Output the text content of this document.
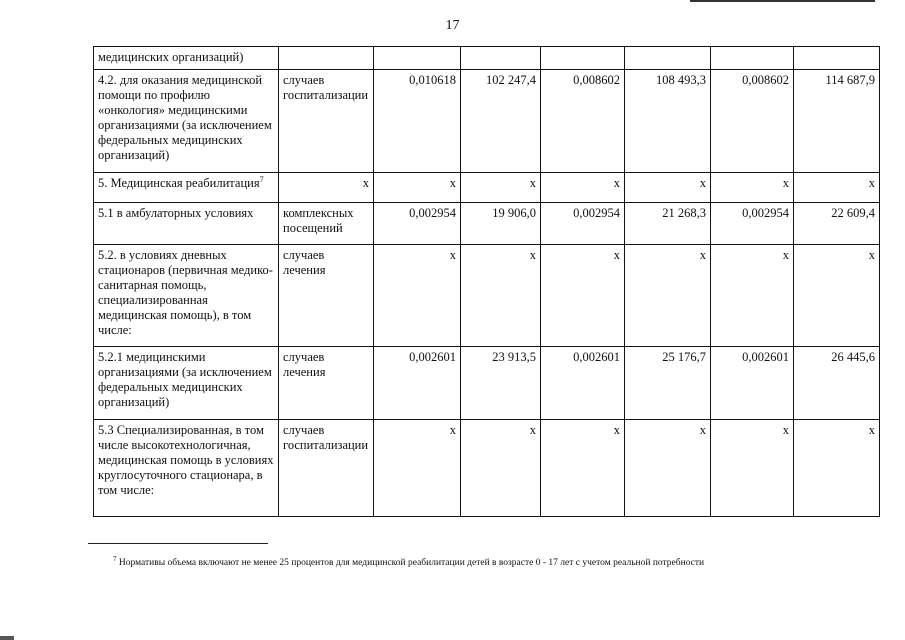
17
медицинских организаций)							
4.2. для оказания медицинской помощи по профилю «онкология» медицинскими организациями (за исключением федеральных медицинских организаций)	случаев госпитализации	0,010618	102 247,4	0,008602	108 493,3	0,008602	114 687,9
5. Медицинская реабилитация$^7$	х	х	х	х	х	х	х
5.1 в амбулаторных условиях	комплексных посещений	0,002954	19 906,0	0,002954	21 268,3	0,002954	22 609,4
5.2. в условиях дневных стационаров (первичная медико-санитарная помощь, специализированная медицинская помощь), в том числе:	случаев лечения	х	х	х	х	х	х
5.2.1 медицинскими организациями (за исключением федеральных медицинских организаций)	случаев лечения	0,002601	23 913,5	0,002601	25 176,7	0,002601	26 445,6
5.3 Специализированная, в том числе высокотехнологичная, медицинская помощь в условиях круглосуточного стационара, в том числе:	случаев госпитализации	х	х	х	х	х	х
$^7$ Нормативы объема включают не менее 25 процентов для медицинской реабилитации детей в возрасте 0 - 17 лет с учетом реальной потребности
